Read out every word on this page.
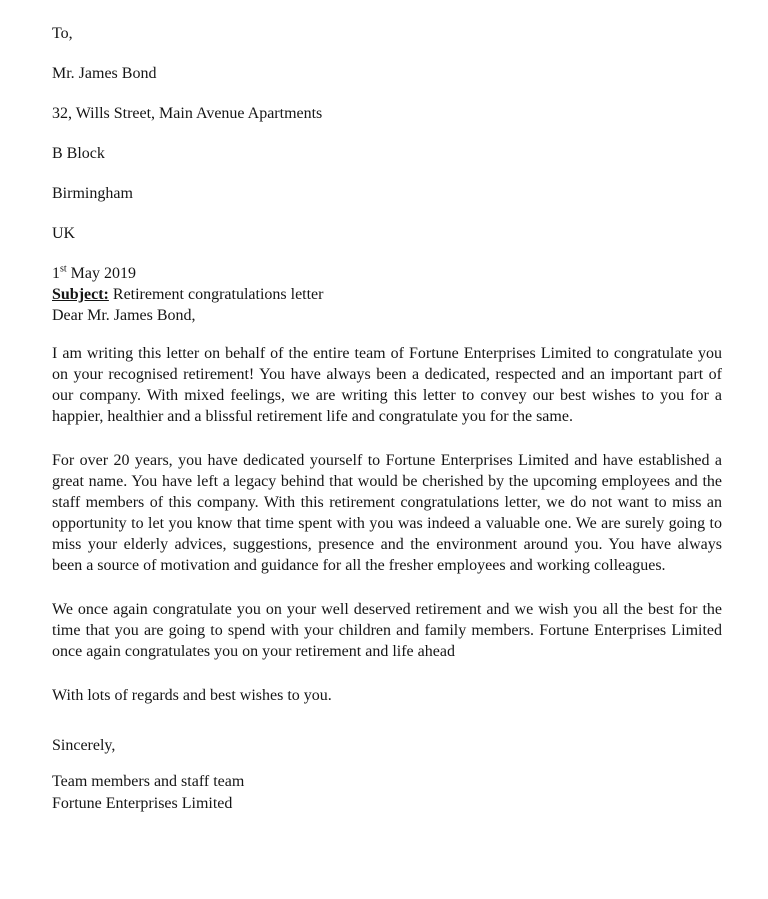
To,

Mr. James Bond

32, Wills Street, Main Avenue Apartments

B Block

Birmingham

UK

1st May 2019

Subject: Retirement congratulations letter

Dear Mr. James Bond,

I am writing this letter on behalf of the entire team of Fortune Enterprises Limited to congratulate you on your recognised retirement! You have always been a dedicated, respected and an important part of our company. With mixed feelings, we are writing this letter to convey our best wishes to you for a happier, healthier and a blissful retirement life and congratulate you for the same.

For over 20 years, you have dedicated yourself to Fortune Enterprises Limited and have established a great name. You have left a legacy behind that would be cherished by the upcoming employees and the staff members of this company. With this retirement congratulations letter, we do not want to miss an opportunity to let you know that time spent with you was indeed a valuable one. We are surely going to miss your elderly advices, suggestions, presence and the environment around you. You have always been a source of motivation and guidance for all the fresher employees and working colleagues.

We once again congratulate you on your well deserved retirement and we wish you all the best for the time that you are going to spend with your children and family members. Fortune Enterprises Limited once again congratulates you on your retirement and life ahead

With lots of regards and best wishes to you.

Sincerely,

Team members and staff team

Fortune Enterprises Limited
